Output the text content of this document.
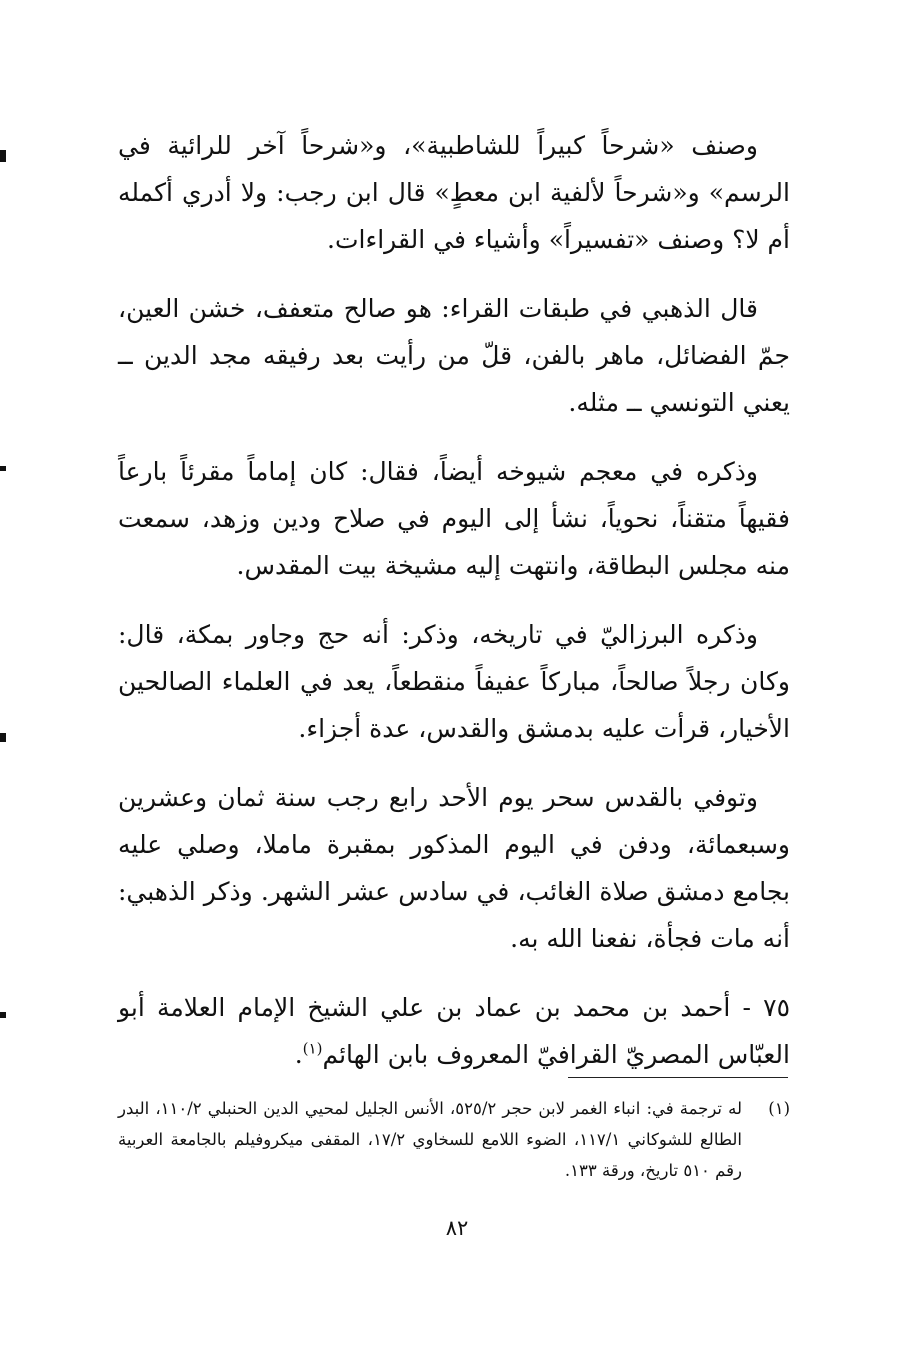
وصنف «شرحاً كبيراً للشاطبية»، و«شرحاً آخر للرائية في الرسم» و«شرحاً لألفية ابن معطٍ» قال ابن رجب: ولا أدري أكمله أم لا؟ وصنف «تفسيراً» وأشياء في القراءات.

قال الذهبي في طبقات القراء: هو صالح متعفف، خشن العين، جمّ الفضائل، ماهر بالفن، قلّ من رأيت بعد رفيقه مجد الدين ــ يعني التونسي ــ مثله.

وذكره في معجم شيوخه أيضاً، فقال: كان إماماً مقرئاً بارعاً فقيهاً متقناً، نحوياً، نشأ إلى اليوم في صلاح ودين وزهد، سمعت منه مجلس البطاقة، وانتهت إليه مشيخة بيت المقدس.

وذكره البرزاليّ في تاريخه، وذكر: أنه حج وجاور بمكة، قال: وكان رجلاً صالحاً، مباركاً عفيفاً منقطعاً، يعد في العلماء الصالحين الأخيار، قرأت عليه بدمشق والقدس، عدة أجزاء.

وتوفي بالقدس سحر يوم الأحد رابع رجب سنة ثمان وعشرين وسبعمائة، ودفن في اليوم المذكور بمقبرة ماملا، وصلي عليه بجامع دمشق صلاة الغائب، في سادس عشر الشهر. وذكر الذهبي: أنه مات فجأة، نفعنا الله به.

٧٥ - أحمد بن محمد بن عماد بن علي الشيخ الإمام العلامة أبو العبّاس المصريّ القرافيّ المعروف بابن الهائم$^{(١)}$.

(١)
له ترجمة في: انباء الغمر لابن حجر ٥٢٥/٢، الأنس الجليل لمحيي الدين الحنبلي ١١٠/٢، البدر الطالع للشوكاني ١١٧/١، الضوء اللامع للسخاوي ١٧/٢، المقفى ميكروفيلم بالجامعة العربية رقم ٥١٠ تاريخ، ورقة ١٣٣.
٨٢
